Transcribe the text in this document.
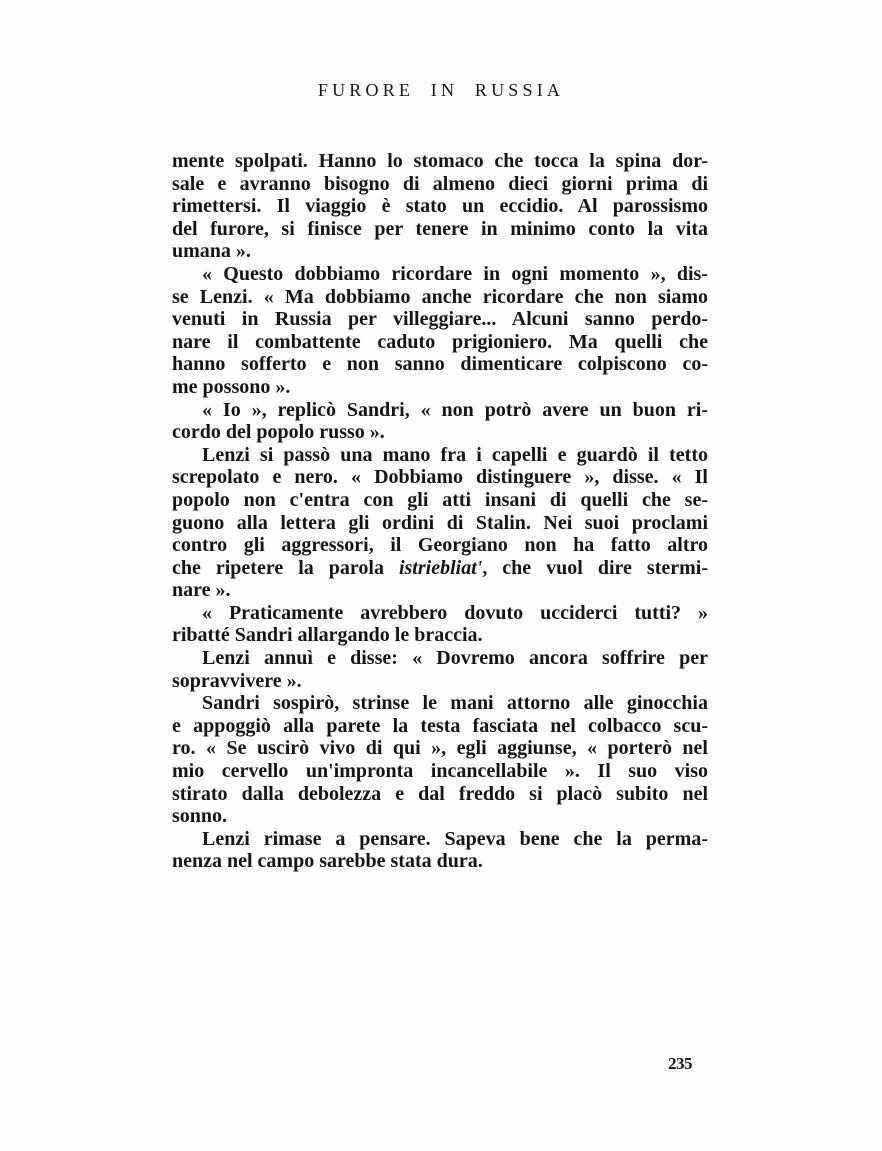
FURORE IN RUSSIA
mente spolpati. Hanno lo stomaco che tocca la spina dor-
sale e avranno bisogno di almeno dieci giorni prima di
rimettersi. Il viaggio è stato un eccidio. Al parossismo
del furore, si finisce per tenere in minimo conto la vita
umana ».
« Questo dobbiamo ricordare in ogni momento », dis-
se Lenzi. « Ma dobbiamo anche ricordare che non siamo
venuti in Russia per villeggiare... Alcuni sanno perdo-
nare il combattente caduto prigioniero. Ma quelli che
hanno sofferto e non sanno dimenticare colpiscono co-
me possono ».
« Io », replicò Sandri, « non potrò avere un buon ri-
cordo del popolo russo ».
Lenzi si passò una mano fra i capelli e guardò il tetto
screpolato e nero. « Dobbiamo distinguere », disse. « Il
popolo non c'entra con gli atti insani di quelli che se-
guono alla lettera gli ordini di Stalin. Nei suoi proclami
contro gli aggressori, il Georgiano non ha fatto altro
che ripetere la parola istriebliat', che vuol dire stermi-
nare ».
« Praticamente avrebbero dovuto ucciderci tutti? »
ribatté Sandri allargando le braccia.
Lenzi annuì e disse: « Dovremo ancora soffrire per
sopravvivere ».
Sandri sospirò, strinse le mani attorno alle ginocchia
e appoggiò alla parete la testa fasciata nel colbacco scu-
ro. « Se uscirò vivo di qui », egli aggiunse, « porterò nel
mio cervello un'impronta incancellabile ». Il suo viso
stirato dalla debolezza e dal freddo si placò subito nel
sonno.
Lenzi rimase a pensare. Sapeva bene che la perma-
nenza nel campo sarebbe stata dura.
235
